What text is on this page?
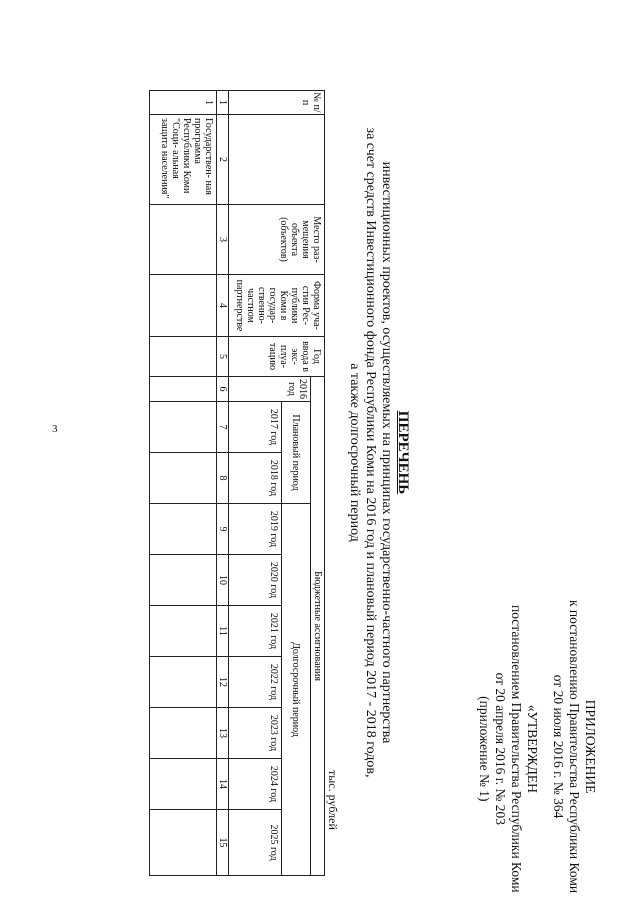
3
ПРИЛОЖЕНИЕ
к постановлению Правительства Республики Коми
от 20 июля 2016 г. № 364
«УТВЕРЖДЕН
постановлением Правительства Республики Коми
от 20 апреля 2016 г. № 203
(приложение № 1)
ПЕРЕЧЕНЬ
инвестиционных проектов, осуществляемых на принципах государственно-частного партнерства
за счет средств Инвестиционного фонда Республики Коми на 2016 год и плановый период 2017 - 2018 годов,
а также долгосрочный период
тыс. рублей
№ п/п		Место раз- мещения объекта (объектов)	Форма уча- стия Рес- публики Коми в государ- ственно- частном партнерстве	Год ввода в экс- плуа- тацию	Бюджетные ассигнования									
					2016 год	Плановый период		Долгосрочный период						
						2017 год	2018 год	2019 год	2020 год	2021 год	2022 год	2023 год	2024 год	2025 год
1	2	3	4	5	6	7	8	9	10	11	12	13	14	15
1	Государствен- ная программа Республики Коми "Соци- альная защита населения"													
